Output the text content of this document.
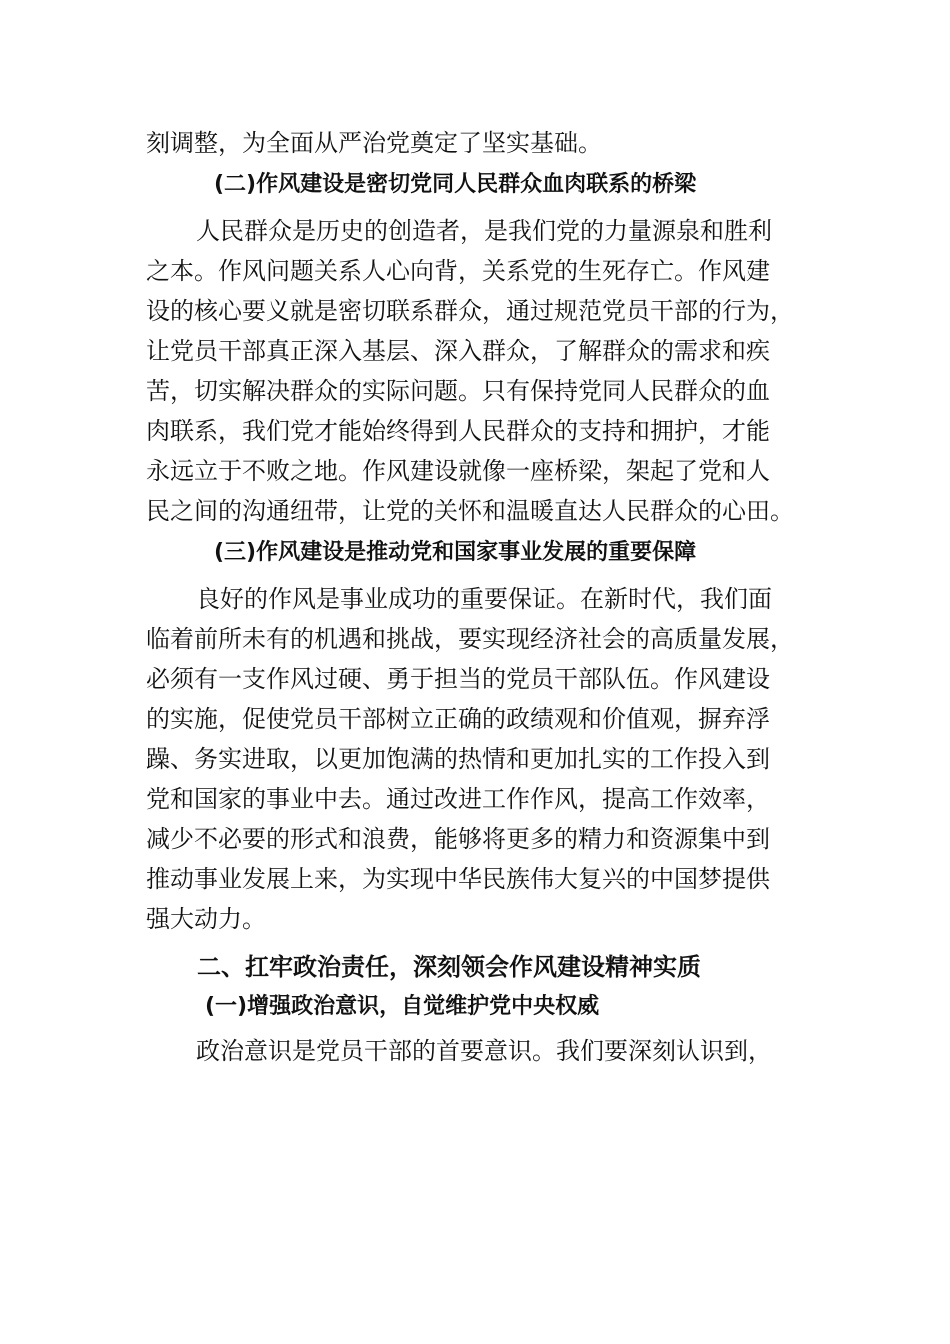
刻调整，为全面从严治党奠定了坚实基础。
(二)作风建设是密切党同人民群众血肉联系的桥梁
人民群众是历史的创造者，是我们党的力量源泉和胜利
之本。作风问题关系人心向背，关系党的生死存亡。作风建
设的核心要义就是密切联系群众，通过规范党员干部的行为，
让党员干部真正深入基层、深入群众，了解群众的需求和疾
苦，切实解决群众的实际问题。只有保持党同人民群众的血
肉联系，我们党才能始终得到人民群众的支持和拥护，才能
永远立于不败之地。作风建设就像一座桥梁，架起了党和人
民之间的沟通纽带，让党的关怀和温暖直达人民群众的心田。
(三)作风建设是推动党和国家事业发展的重要保障
良好的作风是事业成功的重要保证。在新时代，我们面
临着前所未有的机遇和挑战，要实现经济社会的高质量发展，
必须有一支作风过硬、勇于担当的党员干部队伍。作风建设
的实施，促使党员干部树立正确的政绩观和价值观，摒弃浮
躁、务实进取，以更加饱满的热情和更加扎实的工作投入到
党和国家的事业中去。通过改进工作作风，提高工作效率，
减少不必要的形式和浪费，能够将更多的精力和资源集中到
推动事业发展上来，为实现中华民族伟大复兴的中国梦提供
强大动力。
二、扛牢政治责任，深刻领会作风建设精神实质
(一)增强政治意识，自觉维护党中央权威
政治意识是党员干部的首要意识。我们要深刻认识到，
